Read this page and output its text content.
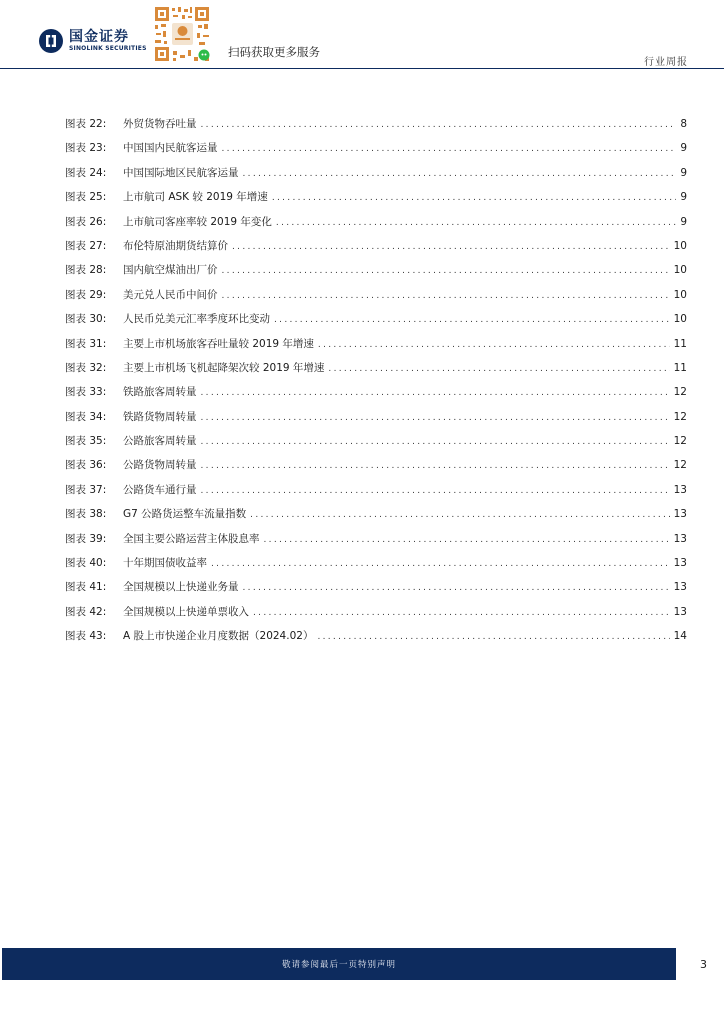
国金证券
SINOLINK SECURITIES	扫码获取更多服务
行业周报
图表 22:	外贸货物吞吐量 .....	8
图表 23:	中国国内民航客运量 .....	9
图表 24:	中国国际地区民航客运量 .....	9
图表 25:	上市航司 ASK 较 2019 年增速 .....	9
图表 26:	上市航司客座率较 2019 年变化 .....	9
图表 27:	布伦特原油期货结算价 .....	10
图表 28:	国内航空煤油出厂价 .....	10
图表 29:	美元兑人民币中间价 .....	10
图表 30:	人民币兑美元汇率季度环比变动 .....	10
图表 31:	主要上市机场旅客吞吐量较 2019 年增速 .....	11
图表 32:	主要上市机场飞机起降架次较 2019 年增速 .....	11
图表 33:	铁路旅客周转量 .....	12
图表 34:	铁路货物周转量 .....	12
图表 35:	公路旅客周转量 .....	12
图表 36:	公路货物周转量 .....	12
图表 37:	公路货车通行量 .....	13
图表 38:	G7 公路货运整车流量指数 .....	13
图表 39:	全国主要公路运营主体股息率 .....	13
图表 40:	十年期国债收益率 .....	13
图表 41:	全国规模以上快递业务量 .....	13
图表 42:	全国规模以上快递单票收入 .....	13
图表 43:	A 股上市快递企业月度数据（2024.02） .....	14
敬请参阅最后一页特别声明	3
